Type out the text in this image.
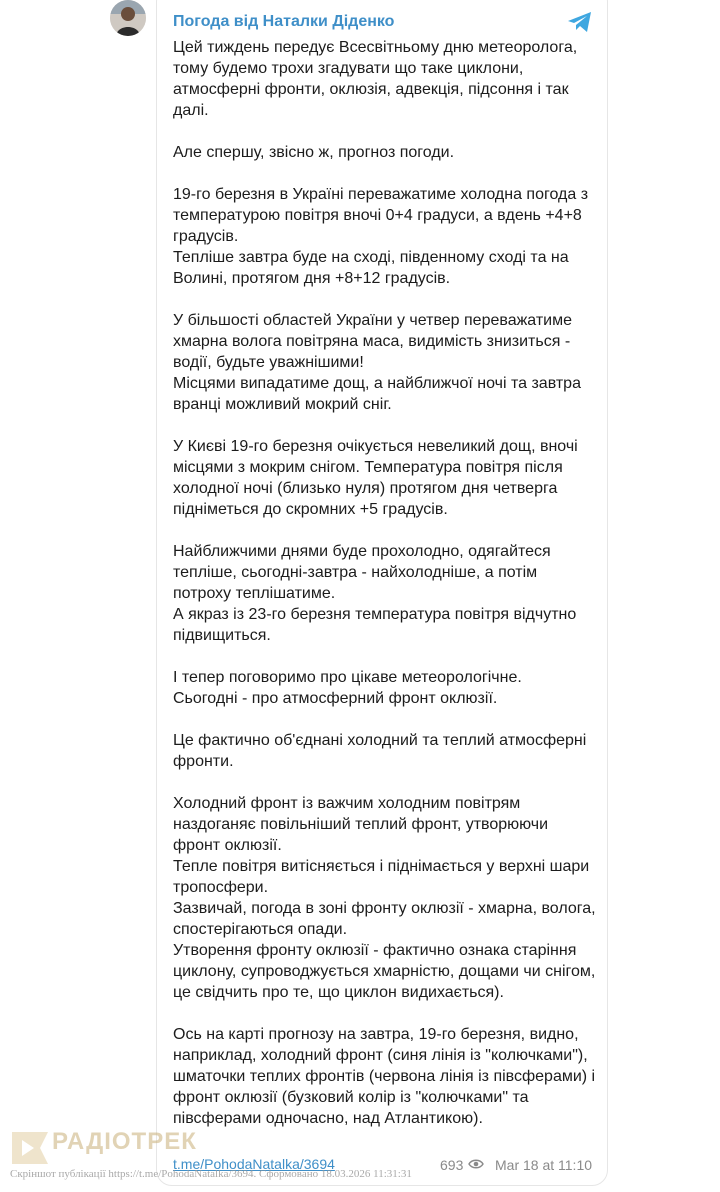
Погода від Наталки Діденко

Цей тиждень передує Всесвітньому дню метеоролога, тому будемо трохи згадувати що таке циклони, атмосферні фронти, оклюзія, адвекція, підсоння і так далі.

Але спершу, звісно ж, прогноз погоди.

19-го березня в Україні переважатиме холодна погода з температурою повітря вночі 0+4 градуси, а вдень +4+8 градусів.
Тепліше завтра буде на сході, південному сході та на Волині, протягом дня +8+12 градусів.

У більшості областей України у четвер переважатиме хмарна волога повітряна маса, видимість знизиться - водії, будьте уважнішими!
Місцями випадатиме дощ, а найближчої ночі та завтра вранці можливий мокрий сніг.

У Києві 19-го березня очікується невеликий дощ, вночі місцями з мокрим снігом. Температура повітря після холодної ночі (близько нуля) протягом дня четверга підніметься до скромних +5 градусів.

Найближчими днями буде прохолодно, одягайтеся тепліше, сьогодні-завтра - найхолодніше, а потім потроху теплішатиме.
А якраз із 23-го березня температура повітря відчутно підвищиться.

І тепер поговоримо про цікаве метеорологічне.
Сьогодні - про атмосферний фронт оклюзії.

Це фактично об'єднані холодний та теплий атмосферні фронти.

Холодний фронт із важчим холодним повітрям наздоганяє повільніший теплий фронт, утворюючи фронт оклюзії.
Тепле повітря витісняється і піднімається у верхні шари тропосфери.
Зазвичай, погода в зоні фронту оклюзії - хмарна, волога, спостерігаються опади.
Утворення фронту оклюзії - фактично ознака старіння циклону, супроводжується хмарністю, дощами чи снігом, це свідчить про те, що циклон видихається).

Ось на карті прогнозу на завтра, 19-го березня, видно, наприклад, холодний фронт (синя лінія із "колючками"), шматочки теплих фронтів (червона лінія із півсферами) і фронт оклюзії (бузковий колір із "колючками" та півсферами одночасно, над Атлантикою).

РАДІОТРЕК
t.me/PohodaNatalka/3694	693 Mar 18 at 11:10
Скріншот публікації https://t.me/PohodaNatalka/3694. Сформовано 18.03.2026 11:31:31
